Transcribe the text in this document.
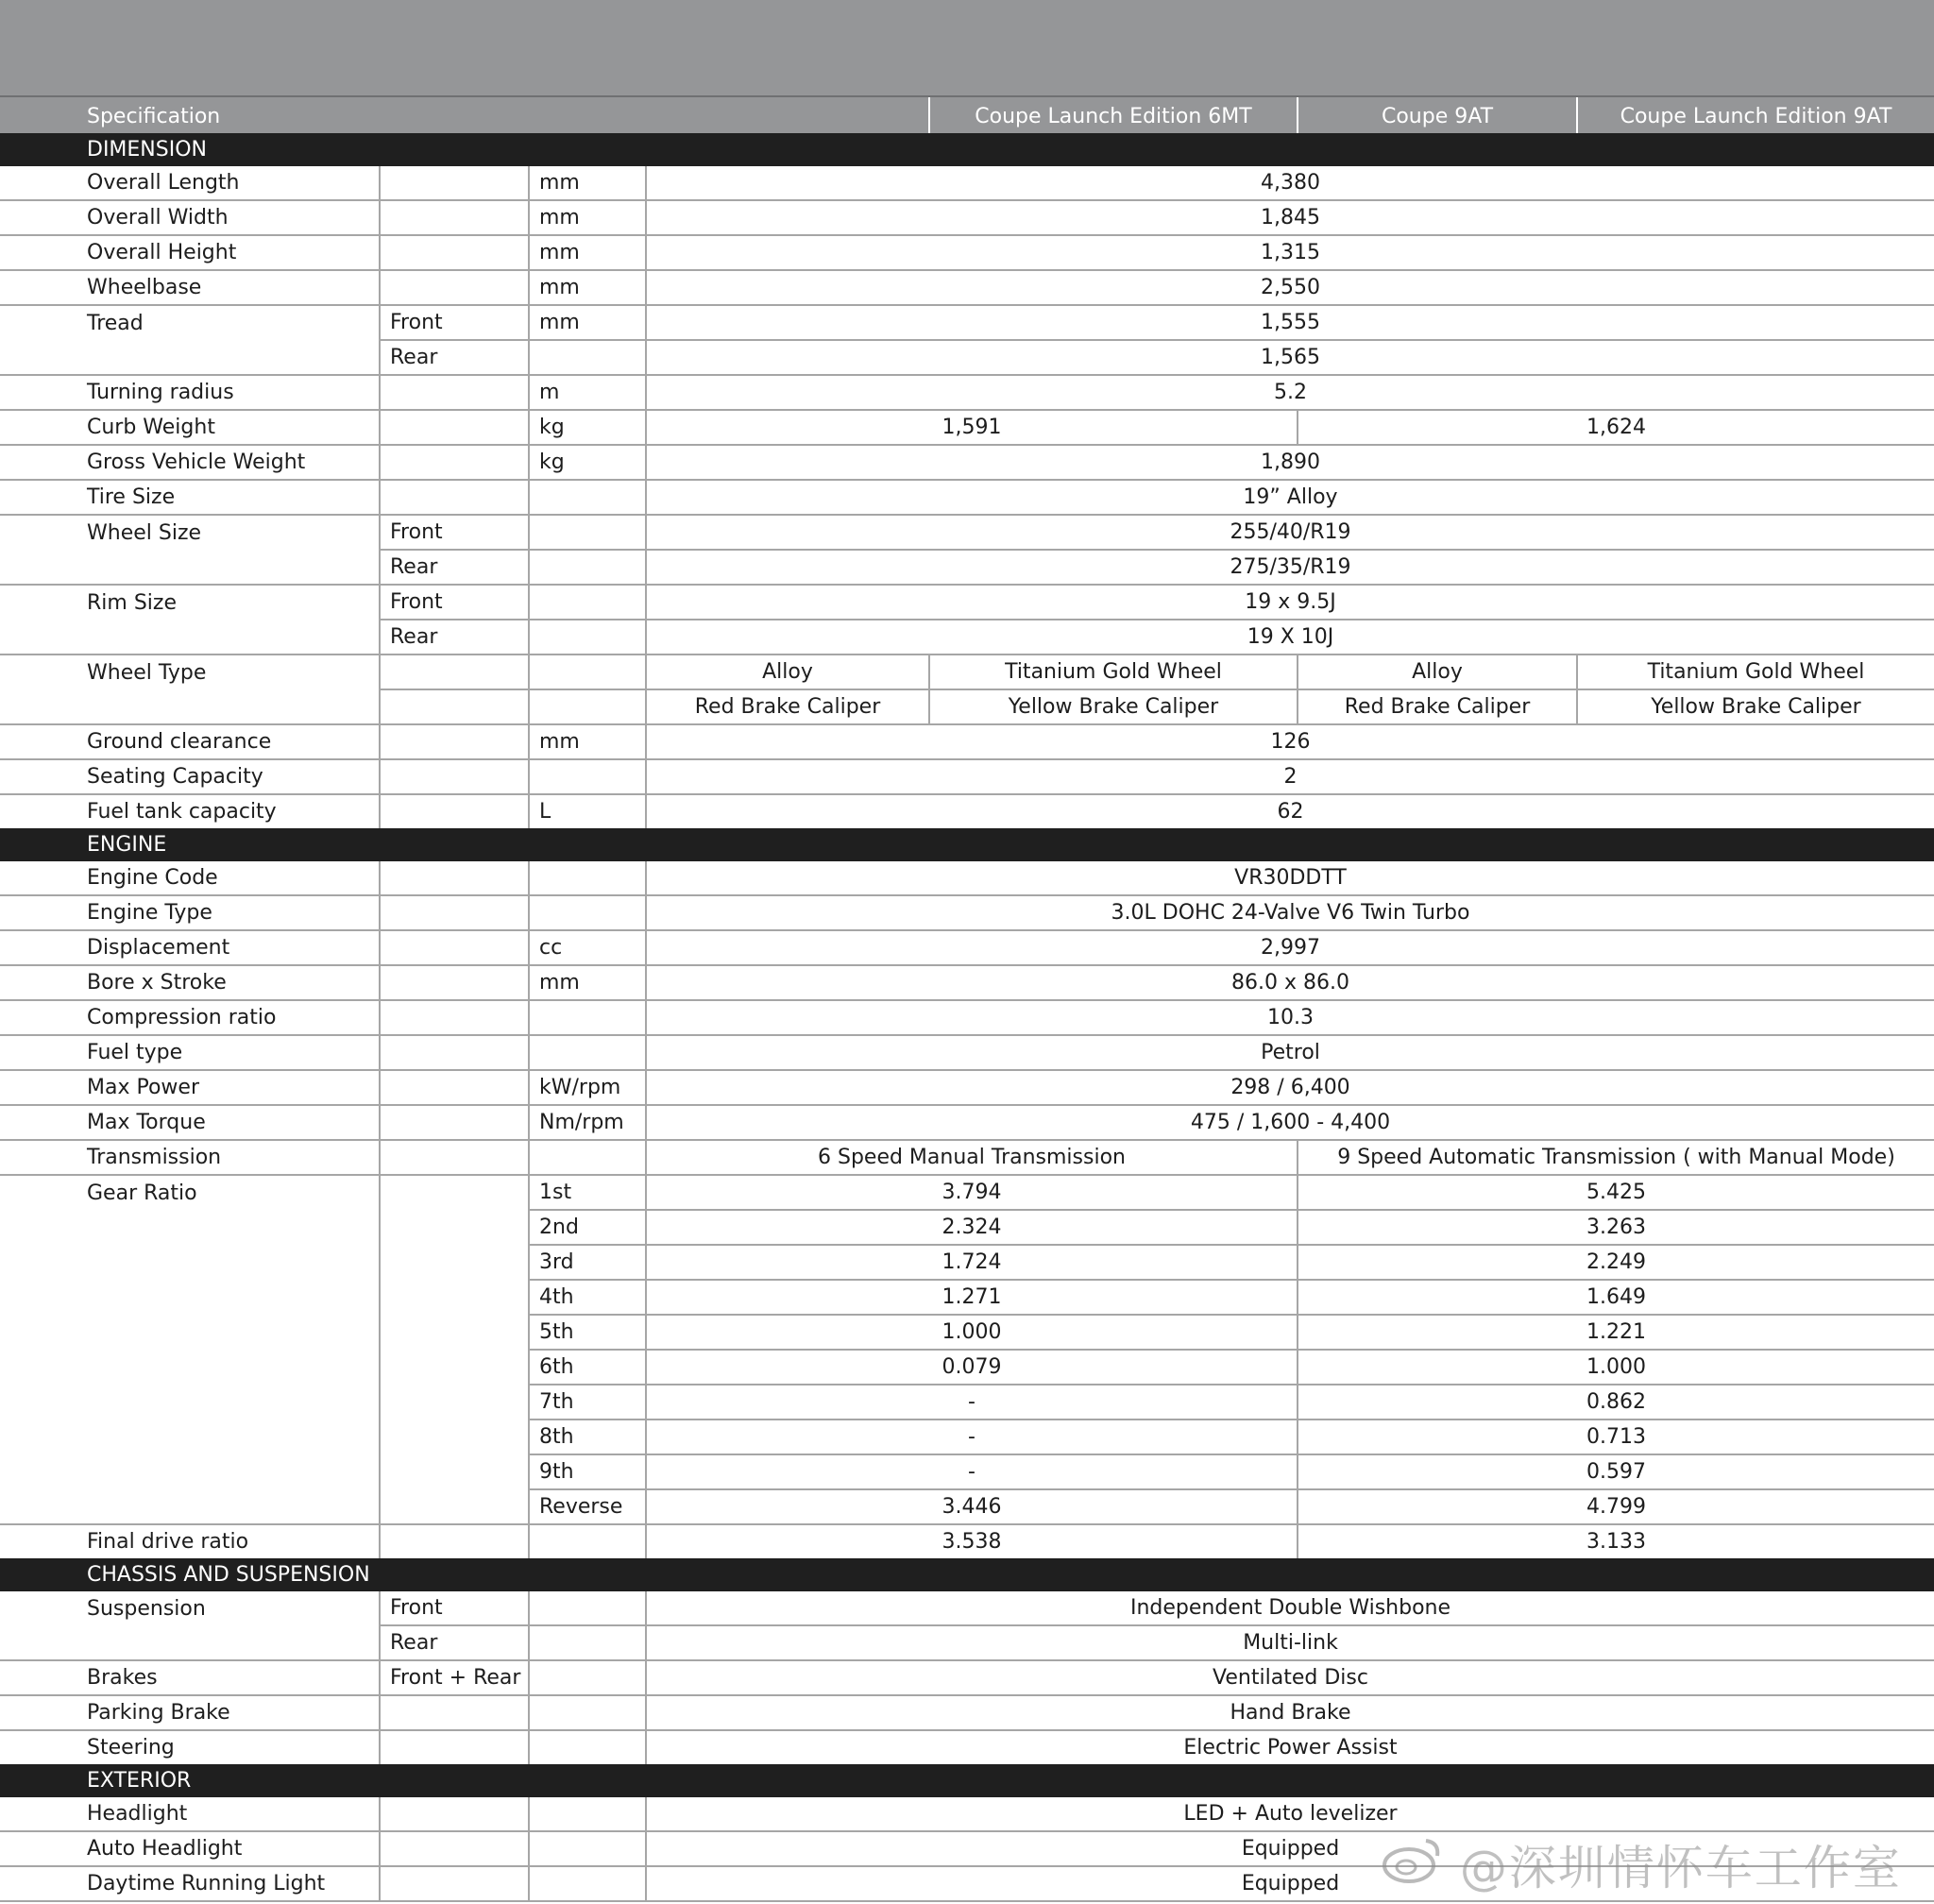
Specification				Coupe Launch Edition 6MT	Coupe 9AT	Coupe Launch Edition 9AT
DIMENSION						
Overall Length		mm	4,380			
Overall Width		mm	1,845			
Overall Height		mm	1,315			
Wheelbase		mm	2,550			
Tread	Front	mm	1,555			
	Rear		1,565			
Turning radius		m	5.2			
Curb Weight		kg	1,591		1,624	
Gross Vehicle Weight		kg	1,890			
Tire Size			19” Alloy			
Wheel Size	Front		255/40/R19			
	Rear		275/35/R19			
Rim Size	Front		19 x 9.5J			
	Rear		19 X 10J			
Wheel Type			Alloy	Titanium Gold Wheel	Alloy	Titanium Gold Wheel
			Red Brake Caliper	Yellow Brake Caliper	Red Brake Caliper	Yellow Brake Caliper
Ground clearance		mm	126			
Seating Capacity			2			
Fuel tank capacity		L	62			
ENGINE						
Engine Code			VR30DDTT			
Engine Type			3.0L DOHC 24-Valve V6 Twin Turbo			
Displacement		cc	2,997			
Bore x Stroke		mm	86.0 x 86.0			
Compression ratio			10.3			
Fuel type			Petrol			
Max Power		kW/rpm	298 / 6,400			
Max Torque		Nm/rpm	475 / 1,600 - 4,400			
Transmission			6 Speed Manual Transmission		9 Speed Automatic Transmission ( with Manual Mode)	
Gear Ratio		1st	3.794		5.425	
		2nd	2.324		3.263	
		3rd	1.724		2.249	
		4th	1.271		1.649	
		5th	1.000		1.221	
		6th	0.079		1.000	
		7th	-		0.862	
		8th	-		0.713	
		9th	-		0.597	
		Reverse	3.446		4.799	
Final drive ratio			3.538		3.133	
CHASSIS AND SUSPENSION						
Suspension	Front		Independent Double Wishbone			
	Rear		Multi-link			
Brakes	Front + Rear		Ventilated Disc			
Parking Brake			Hand Brake			
Steering			Electric Power Assist			
EXTERIOR						
Headlight			LED + Auto levelizer			
Auto Headlight			Equipped			
Daytime Running Light			Equipped				@深圳情怀车工作室
